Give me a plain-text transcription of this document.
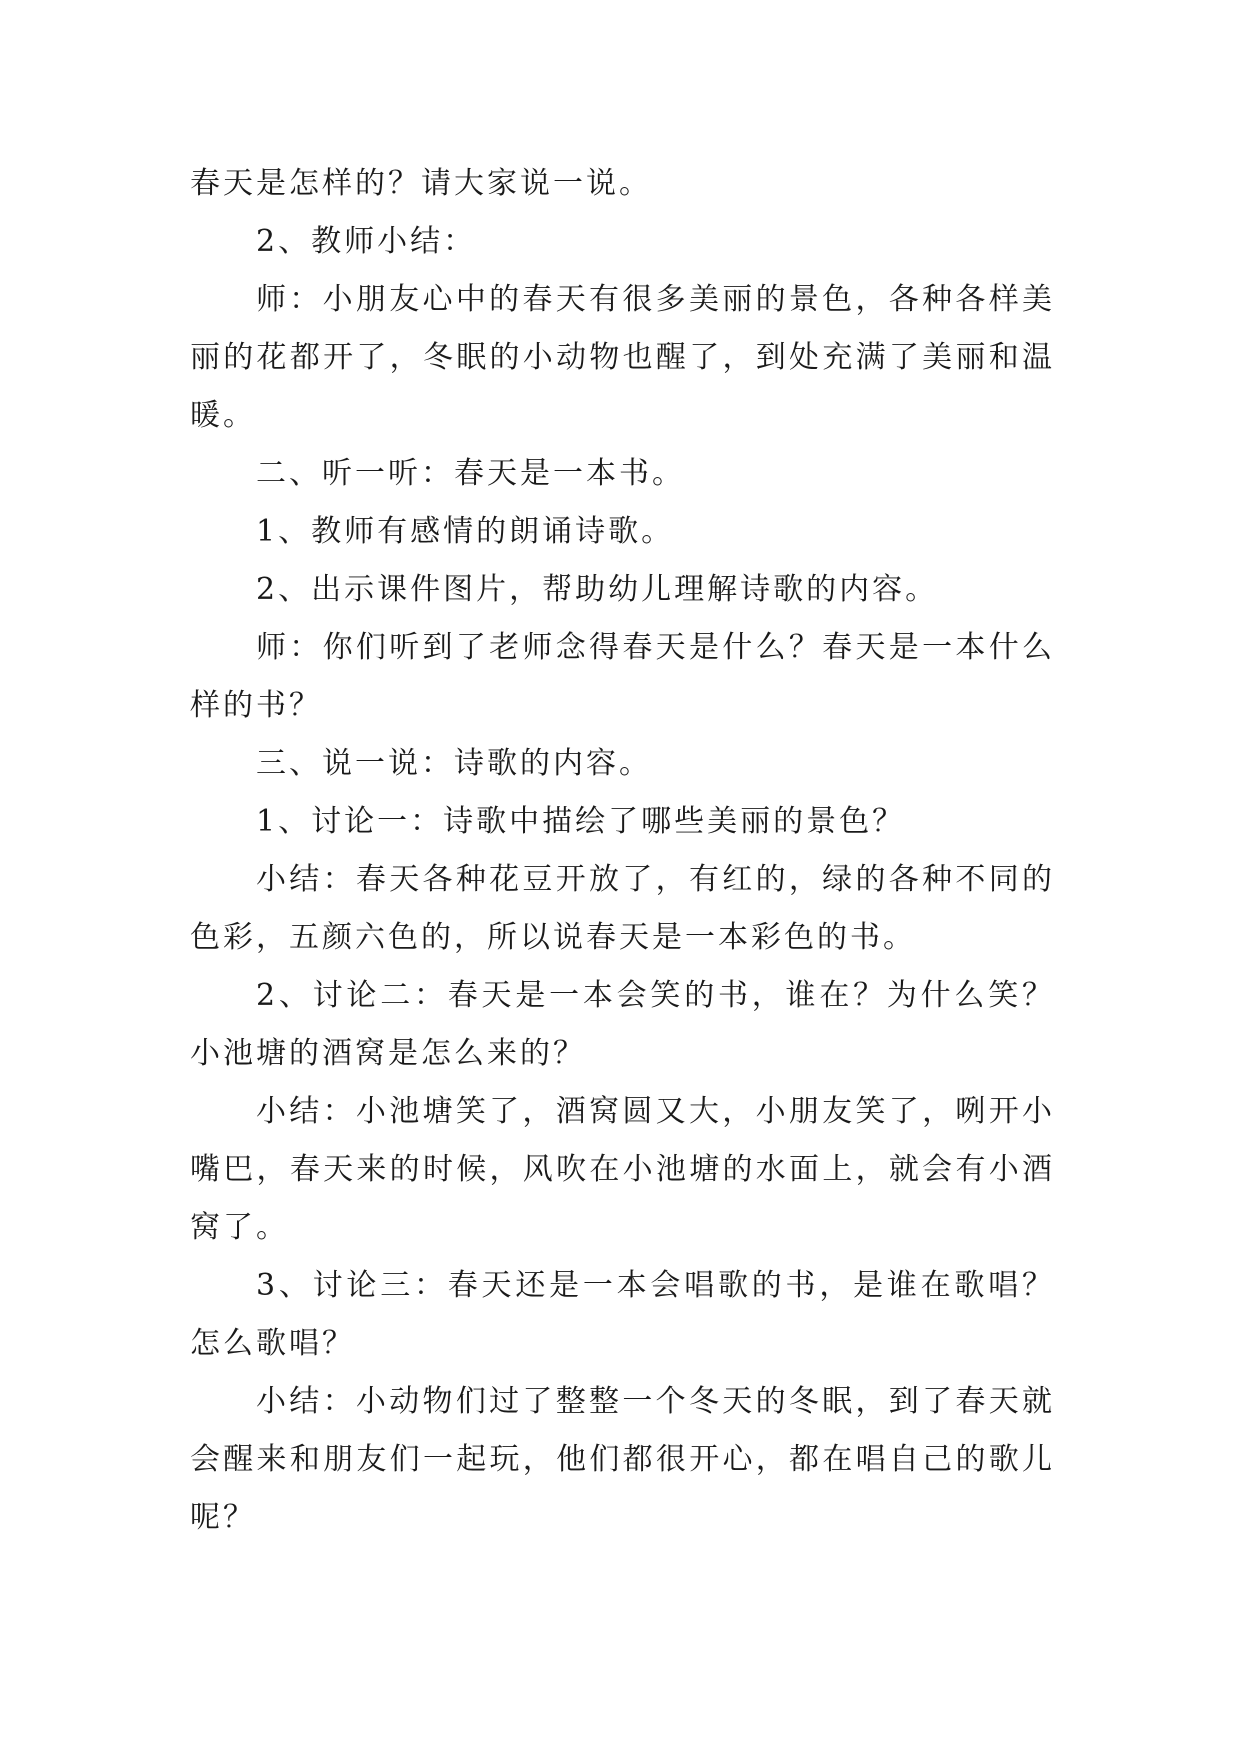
春天是怎样的？请大家说一说。

2、教师小结：

师：小朋友心中的春天有很多美丽的景色，各种各样美丽的花都开了，冬眠的小动物也醒了，到处充满了美丽和温暖。

二、听一听：春天是一本书。

1、教师有感情的朗诵诗歌。

2、出示课件图片，帮助幼儿理解诗歌的内容。

师：你们听到了老师念得春天是什么？春天是一本什么样的书？

三、说一说：诗歌的内容。

1、讨论一：诗歌中描绘了哪些美丽的景色？

小结：春天各种花豆开放了，有红的，绿的各种不同的色彩，五颜六色的，所以说春天是一本彩色的书。

2、讨论二：春天是一本会笑的书，谁在？为什么笑？小池塘的酒窝是怎么来的？

小结：小池塘笑了，酒窝圆又大，小朋友笑了，咧开小嘴巴，春天来的时候，风吹在小池塘的水面上，就会有小酒窝了。

3、讨论三：春天还是一本会唱歌的书，是谁在歌唱？怎么歌唱？

小结：小动物们过了整整一个冬天的冬眠，到了春天就会醒来和朋友们一起玩，他们都很开心，都在唱自己的歌儿呢？
